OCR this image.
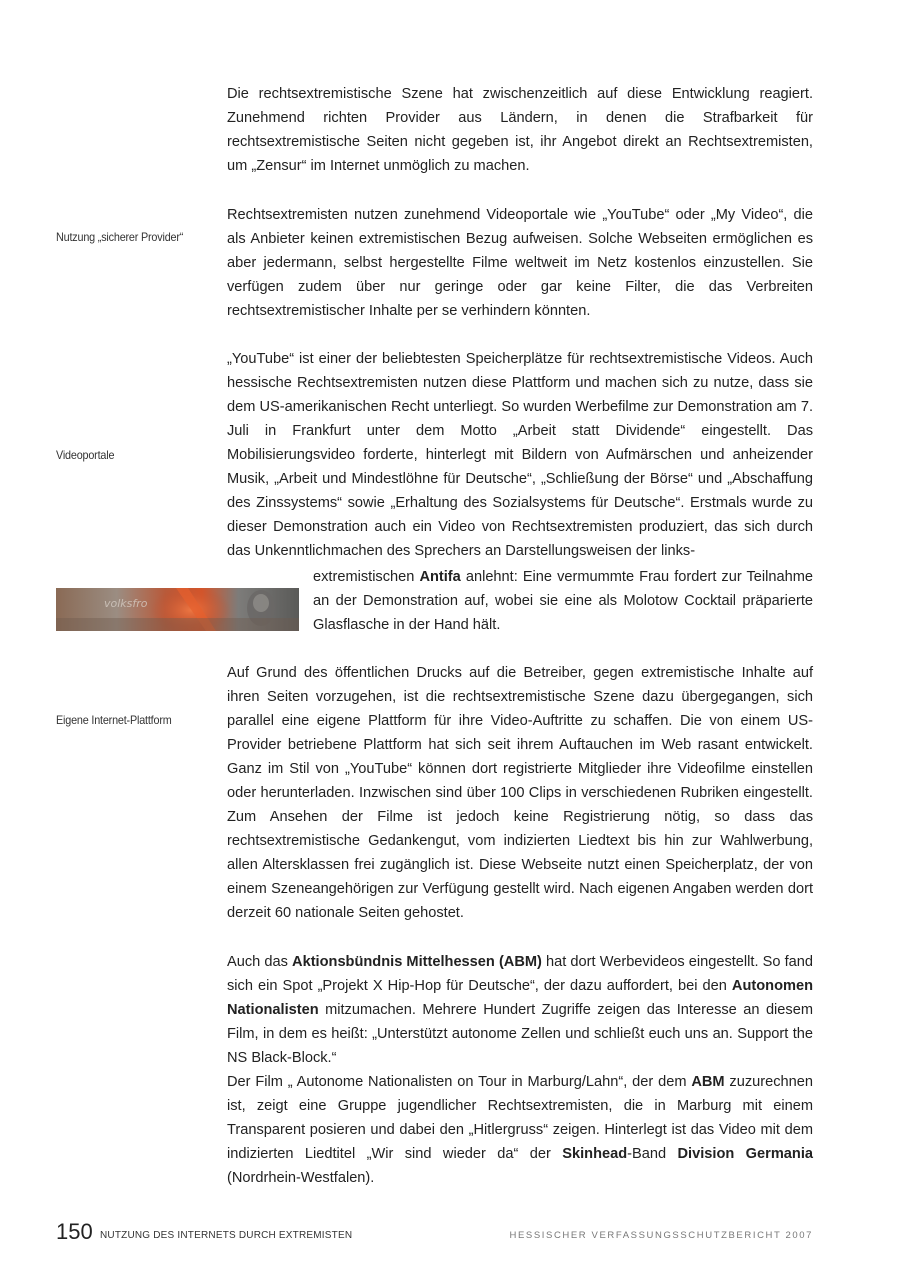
Die rechtsextremistische Szene hat zwischenzeitlich auf diese Entwicklung reagiert. Zunehmend richten Provider aus Ländern, in denen die Strafbarkeit für rechtsextremistische Seiten nicht gegeben ist, ihr Angebot direkt an Rechtsextremisten, um „Zensur“ im Internet unmöglich zu machen.

Nutzung „sicherer Provider“

Rechtsextremisten nutzen zunehmend Videoportale wie „YouTube“ oder „My Video“, die als Anbieter keinen extremistischen Bezug aufweisen. Solche Webseiten ermöglichen es aber jedermann, selbst hergestellte Filme weltweit im Netz kostenlos einzustellen. Sie verfügen zudem über nur geringe oder gar keine Filter, die das Verbreiten rechtsextremistischer Inhalte per se verhindern könnten.

Videoportale

„YouTube“ ist einer der beliebtesten Speicherplätze für rechtsextremistische Videos. Auch hessische Rechtsextremisten nutzen diese Plattform und machen sich zu nutze, dass sie dem US-amerikanischen Recht unterliegt. So wurden Werbefilme zur Demonstration am 7. Juli in Frankfurt unter dem Motto „Arbeit statt Dividende“ eingestellt. Das Mobilisierungsvideo forderte, hinterlegt mit Bildern von Aufmärschen und anheizender Musik, „Arbeit und Mindestlöhne für Deutsche“, „Schließung der Börse“ und „Abschaffung des Zinssystems“ sowie „Erhaltung des Sozialsystems für Deutsche“. Erstmals wurde zu dieser Demonstration auch ein Video von Rechtsextremisten produziert, das sich durch das Unkenntlichmachen des Sprechers an Darstellungsweisen der links-

volksfro
extremistischen Antifa anlehnt: Eine vermummte Frau fordert zur Teilnahme an der Demonstration auf, wobei sie eine als Molotow Cocktail präparierte Glasflasche in der Hand hält.
Eigene Internet-Plattform

Auf Grund des öffentlichen Drucks auf die Betreiber, gegen extremistische Inhalte auf ihren Seiten vorzugehen, ist die rechtsextremistische Szene dazu übergegangen, sich parallel eine eigene Plattform für ihre Video-Auftritte zu schaffen. Die von einem US-Provider betriebene Plattform hat sich seit ihrem Auftauchen im Web rasant entwickelt. Ganz im Stil von „YouTube“ können dort registrierte Mitglieder ihre Videofilme einstellen oder herunterladen. Inzwischen sind über 100 Clips in verschiedenen Rubriken eingestellt. Zum Ansehen der Filme ist jedoch keine Registrierung nötig, so dass das rechtsextremistische Gedankengut, vom indizierten Liedtext bis hin zur Wahlwerbung, allen Altersklassen frei zugänglich ist. Diese Webseite nutzt einen Speicherplatz, der von einem Szeneangehörigen zur Verfügung gestellt wird. Nach eigenen Angaben werden dort derzeit 60 nationale Seiten gehostet.

Auch das Aktionsbündnis Mittelhessen (ABM) hat dort Werbevideos eingestellt. So fand sich ein Spot „Projekt X Hip-Hop für Deutsche“, der dazu auffordert, bei den Autonomen Nationalisten mitzumachen. Mehrere Hundert Zugriffe zeigen das Interesse an diesem Film, in dem es heißt: „Unterstützt autonome Zellen und schließt euch uns an. Support the NS Black-Block.“

Der Film „ Autonome Nationalisten on Tour in Marburg/Lahn“, der dem ABM zuzurechnen ist, zeigt eine Gruppe jugendlicher Rechtsextremisten, die in Marburg mit einem Transparent posieren und dabei den „Hitlergruss“ zeigen. Hinterlegt ist das Video mit dem indizierten Liedtitel „Wir sind wieder da“ der Skinhead-Band Division Germania (Nordrhein-Westfalen).

150 NUTZUNG DES INTERNETS DURCH EXTREMISTEN	HESSISCHER VERFASSUNGSSCHUTZBERICHT 2007
